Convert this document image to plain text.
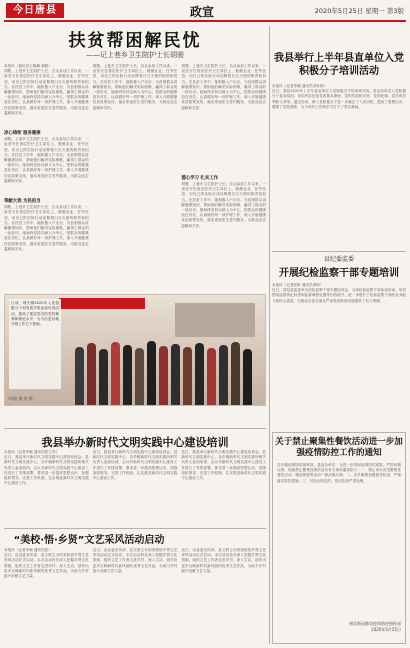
今日唐县	政宣	2020年5月25日 星期一 第3版
扶贫帮困解民忧
——记上巷乡卫生院护士长胡骏
本报讯（通讯员王晓鹏 谢娟）
胡骏，上巷乡卫生院护士长，自从参加工作以来，一直坚守在基层医疗卫生岗位上，兢兢业业，任劳任怨，用自己的实际行动诠释着白衣天使的职责和担当。在扶贫工作中，她积极入户走访，为贫困群众讲解健康知识，帮助他们解决实际困难，赢得了群众的一致好评。她始终坚持以病人为中心，把群众的健康放在首位，认真做好每一项护理工作，深入开展健康扶贫政策宣传，落实家庭医生签约服务，为群众送去温暖和关怀。
凉心铸衔 服务健康
胡骏，上巷乡卫生院护士长，自从参加工作以来，一直坚守在基层医疗卫生岗位上，兢兢业业，任劳任怨，用自己的实际行动诠释着白衣天使的职责和担当。在扶贫工作中，她积极入户走访，为贫困群众讲解健康知识，帮助他们解决实际困难，赢得了群众的一致好评。她始终坚持以病人为中心，把群众的健康放在首位，认真做好每一项护理工作，深入开展健康扶贫政策宣传，落实家庭医生签约服务，为群众送去温暖和关怀。
奉献大我 为民担当
胡骏，上巷乡卫生院护士长，自从参加工作以来，一直坚守在基层医疗卫生岗位上，兢兢业业，任劳任怨，用自己的实际行动诠释着白衣天使的职责和担当。在扶贫工作中，她积极入户走访，为贫困群众讲解健康知识，帮助他们解决实际困难，赢得了群众的一致好评。她始终坚持以病人为中心，把群众的健康放在首位，认真做好每一项护理工作，深入开展健康扶贫政策宣传，落实家庭医生签约服务，为群众送去温暖和关怀。
胡骏，上巷乡卫生院护士长，自从参加工作以来，一直坚守在基层医疗卫生岗位上，兢兢业业，任劳任怨，用自己的实际行动诠释着白衣天使的职责和担当。在扶贫工作中，她积极入户走访，为贫困群众讲解健康知识，帮助他们解决实际困难，赢得了群众的一致好评。她始终坚持以病人为中心，把群众的健康放在首位，认真做好每一项护理工作，深入开展健康扶贫政策宣传，落实家庭医生签约服务，为群众送去温暖和关怀。
胡骏，上巷乡卫生院护士长，自从参加工作以来，一直坚守在基层医疗卫生岗位上，兢兢业业，任劳任怨，用自己的实际行动诠释着白衣天使的职责和担当。在扶贫工作中，她积极入户走访，为贫困群众讲解健康知识，帮助他们解决实际困难，赢得了群众的一致好评。她始终坚持以病人为中心，把群众的健康放在首位，认真做好每一项护理工作，深入开展健康扶贫政策宣传，落实家庭医生签约服务，为群众送去温暖和关怀。
德心学习 扎实工作
胡骏，上巷乡卫生院护士长，自从参加工作以来，一直坚守在基层医疗卫生岗位上，兢兢业业，任劳任怨，用自己的实际行动诠释着白衣天使的职责和担当。在扶贫工作中，她积极入户走访，为贫困群众讲解健康知识，帮助他们解决实际困难，赢得了群众的一致好评。她始终坚持以病人为中心，把群众的健康放在首位，认真做好每一项护理工作，深入开展健康扶贫政策宣传，落实家庭医生签约服务，为群众送去温暖和关怀。
我县举行上半年县直单位入党积极分子培训活动
本报讯（记者李颖 通讯员刘家祺）
近日，我县2020年上半年县直单位入党积极分子培训班开班。县直各单位入党积极分子参加培训。培训内容包括党的基本理论、党的性质和宗旨、党的纪律、党员的权利和义务等。通过培训，使入党积极分子进一步端正了入党动机，提高了思想认识，增强了党性修养，为今后的工作和学习打下了坚实基础。
县纪委监委
开展纪检监察干部专题培训
本报讯（记者张栋 通讯员李盼）
近日，县纪委监委举办纪检监察干部专题培训会，全体纪检监察干部参加培训。培训围绕监督执纪问责和监督调查处置等内容展开，进一步提升了纪检监察干部的业务能力和综合素质，为推动全县全面从严治党向纵深发展提供了有力保障。
日前，城关镇2020年入党积极分子和发展对象参加培训活动，提高了基层党员的党性修养和理论水平，为今后更好地开展工作打下基础。
（胡阳 摄 晓 摄）
我县举办新时代文明实践中心建设培训
本报讯（记者李颖 通讯员张立华）
近日，我县举行新时代文明实践中心建设培训会。县新时代文明实践中心、各乡镇新时代文明实践所相关负责人参加培训。会议对新时代文明实践中心建设工作进行了安排部署，要求进一步提高思想认识，加强组织领导，完善工作机制，扎实推进新时代文明实践中心建设工作。
近日，我县举行新时代文明实践中心建设培训会。县新时代文明实践中心、各乡镇新时代文明实践所相关负责人参加培训。会议对新时代文明实践中心建设工作进行了安排部署，要求进一步提高思想认识，加强组织领导，完善工作机制，扎实推进新时代文明实践中心建设工作。
近日，我县举行新时代文明实践中心建设培训会。县新时代文明实践中心、各乡镇新时代文明实践所相关负责人参加培训。会议对新时代文明实践中心建设工作进行了安排部署，要求进一步提高思想认识，加强组织领导，完善工作机制，扎实推进新时代文明实践中心建设工作。
“美校·悟·乡贤”文艺采风活动启动
本报讯（记者李颖 通讯员张）
近日，由县委宣传部、县文联主办的美校悟乡贤文艺采风活动正式启动。本次活动旨在深入挖掘乡贤文化资源，组织文艺工作者走进乡村、深入生活，创作出更多反映新时代新风貌的优秀文艺作品，为助力乡村振兴贡献文艺力量。
近日，由县委宣传部、县文联主办的美校悟乡贤文艺采风活动正式启动。本次活动旨在深入挖掘乡贤文化资源，组织文艺工作者走进乡村、深入生活，创作出更多反映新时代新风貌的优秀文艺作品，为助力乡村振兴贡献文艺力量。
近日，由县委宣传部、县文联主办的美校悟乡贤文艺采风活动正式启动。本次活动旨在深入挖掘乡贤文化资源，组织文艺工作者走进乡村、深入生活，创作出更多反映新时代新风貌的优秀文艺作品，为助力乡村振兴贡献文艺力量。
关于禁止聚集性餐饮活动进一步加强疫情防控工作的通知
各乡镇疫情防控指挥部，县直各单位：为进一步巩固疫情防控成果，严防疫情反弹，现就禁止聚集性餐饮活动有关事项通知如下：一、禁止举办各类聚集性餐饮活动，婚丧嫁娶等活动一律从简办理；二、各乡镇要加强督导检查，严格落实防控措施；三、对违反规定的，依法依规严肃处理。
唐县新冠肺炎疫情防控指挥部
2020年5月25日
